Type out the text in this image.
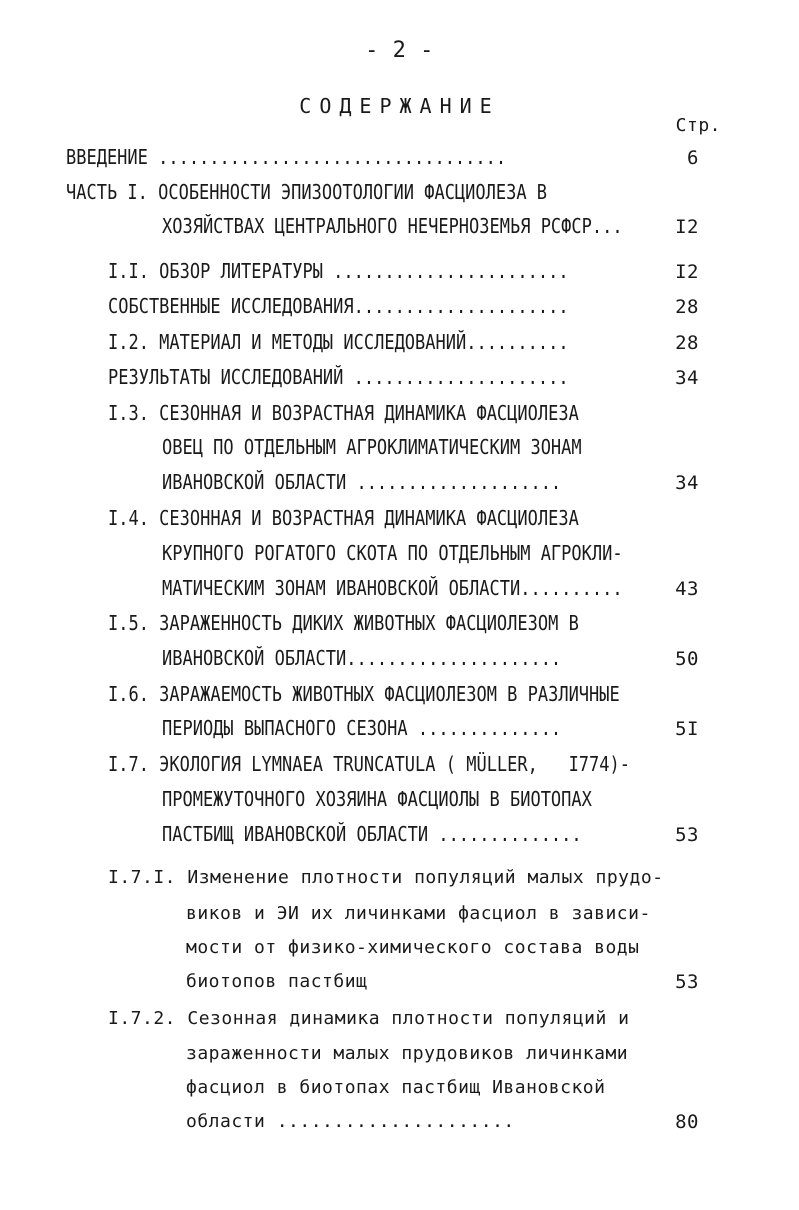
- 2 -
СОДЕРЖАНИЕ
Стр.
ВВЕДЕНИЕ ..................................	6
ЧАСТЬ I. ОСОБЕННОСТИ ЭПИЗООТОЛОГИИ ФАСЦИОЛЕЗА В
ХОЗЯЙСТВАХ ЦЕНТРАЛЬНОГО НЕЧЕРНОЗЕМЬЯ РСФСР...	I2
I.I. ОБЗОР ЛИТЕРАТУРЫ .......................	I2
СОБСТВЕННЫЕ ИССЛЕДОВАНИЯ.....................	28
I.2. МАТЕРИАЛ И МЕТОДЫ ИССЛЕДОВАНИЙ..........	28
РЕЗУЛЬТАТЫ ИССЛЕДОВАНИЙ .....................	34
I.3. СЕЗОННАЯ И ВОЗРАСТНАЯ ДИНАМИКА ФАСЦИОЛЕЗА
ОВЕЦ ПО ОТДЕЛЬНЫМ АГРОКЛИМАТИЧЕСКИМ ЗОНАМ
ИВАНОВСКОЙ ОБЛАСТИ ....................	34
I.4. СЕЗОННАЯ И ВОЗРАСТНАЯ ДИНАМИКА ФАСЦИОЛЕЗА
КРУПНОГО РОГАТОГО СКОТА ПО ОТДЕЛЬНЫМ АГРОКЛИ-
МАТИЧЕСКИМ ЗОНАМ ИВАНОВСКОЙ ОБЛАСТИ..........	43
I.5. ЗАРАЖЕННОСТЬ ДИКИХ ЖИВОТНЫХ ФАСЦИОЛЕЗОМ В
ИВАНОВСКОЙ ОБЛАСТИ.....................	50
I.6. ЗАРАЖАЕМОСТЬ ЖИВОТНЫХ ФАСЦИОЛЕЗОМ В РАЗЛИЧНЫЕ
ПЕРИОДЫ ВЫПАСНОГО СЕЗОНА ..............	5I
I.7. ЭКОЛОГИЯ LYMNAEA TRUNCATULA ( MÜLLER,   I774)-
ПРОМЕЖУТОЧНОГО ХОЗЯИНА ФАСЦИОЛЫ В БИОТОПАХ
ПАСТБИЩ ИВАНОВСКОЙ ОБЛАСТИ ..............	53
I.7.I. Изменение плотности популяций малых прудо-
виков и ЭИ их личинками фасциол в зависи-
мости от физико-химического состава воды
биотопов пастбищ	53
I.7.2. Сезонная динамика плотности популяций и
зараженности малых прудовиков личинками
фасциол в биотопах пастбищ Ивановской
области .....................	80
